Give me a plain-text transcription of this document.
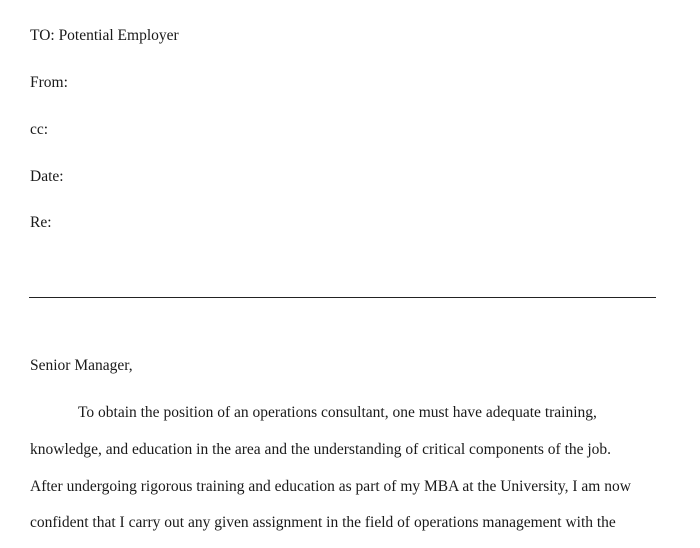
TO: Potential Employer
From:
cc:
Date:
Re:
Senior Manager,
To obtain the position of an operations consultant, one must have adequate training,
knowledge, and education in the area and the understanding of critical components of the job.
After undergoing rigorous training and education as part of my MBA at the University, I am now
confident that I carry out any given assignment in the field of operations management with the
